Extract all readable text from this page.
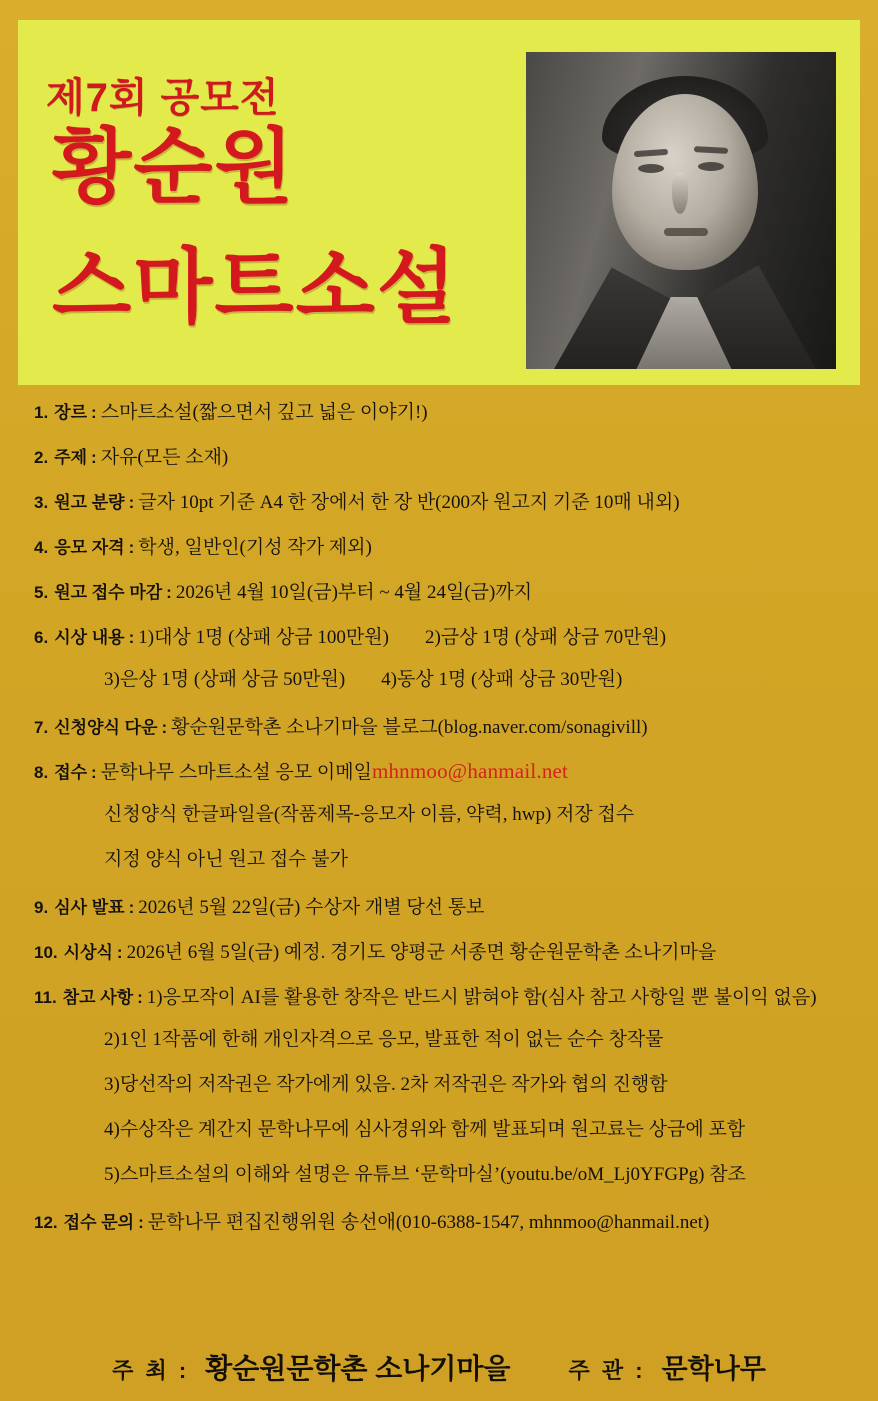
제7회 공모전
황순원
스마트소설
1. 장르 : 스마트소설(짧으면서 깊고 넓은 이야기!)
2. 주제 : 자유(모든 소재)
3. 원고 분량 : 글자 10pt 기준 A4 한 장에서 한 장 반(200자 원고지 기준 10매 내외)
4. 응모 자격 : 학생, 일반인(기성 작가 제외)
5. 원고 접수 마감 : 2026년 4월 10일(금)부터 ~ 4월 24일(금)까지
6. 시상 내용 : 1)대상 1명 (상패 상금 100만원) 2)금상 1명 (상패 상금 70만원)
3)은상 1명 (상패 상금 50만원) 4)동상 1명 (상패 상금 30만원)
7. 신청양식 다운 : 황순원문학촌 소나기마을 블로그(blog.naver.com/sonagivill)
8. 접수 : 문학나무 스마트소설 응모 이메일 mhnmoo@hanmail.net
신청양식 한글파일을(작품제목-응모자 이름, 약력, hwp) 저장 접수
지정 양식 아닌 원고 접수 불가
9. 심사 발표 : 2026년 5월 22일(금) 수상자 개별 당선 통보
10. 시상식 : 2026년 6월 5일(금) 예정. 경기도 양평군 서종면 황순원문학촌 소나기마을
11. 참고 사항 : 1)응모작이 AI를 활용한 창작은 반드시 밝혀야 함(심사 참고 사항일 뿐 불이익 없음)
2)1인 1작품에 한해 개인자격으로 응모, 발표한 적이 없는 순수 창작물
3)당선작의 저작권은 작가에게 있음. 2차 저작권은 작가와 협의 진행함
4)수상작은 계간지 문학나무에 심사경위와 함께 발표되며 원고료는 상금에 포함
5)스마트소설의 이해와 설명은 유튜브 ‘문학마실’(youtu.be/oM_Lj0YFGPg) 참조
12. 접수 문의 : 문학나무 편집진행위원 송선애(010-6388-1547, mhnmoo@hanmail.net)
주 최 : 황순원문학촌 소나기마을	주 관 : 문학나무
